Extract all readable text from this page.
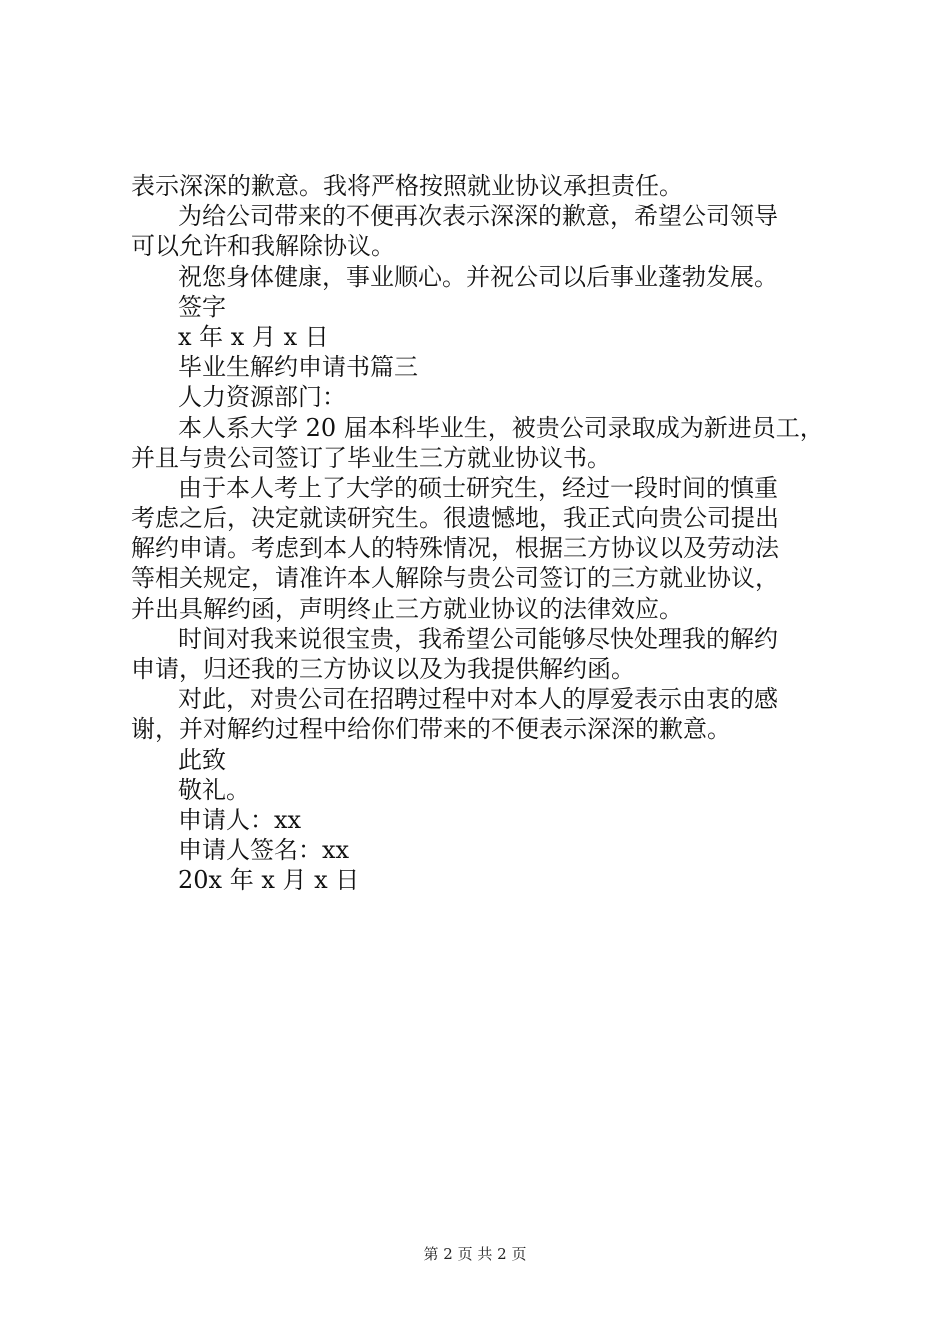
表示深深的歉意。我将严格按照就业协议承担责任。
为给公司带来的不便再次表示深深的歉意，希望公司领导
可以允许和我解除协议。
祝您身体健康，事业顺心。并祝公司以后事业蓬勃发展。
签字
x 年 x 月 x 日
毕业生解约申请书篇三
人力资源部门：
本人系大学 20 届本科毕业生，被贵公司录取成为新进员工，
并且与贵公司签订了毕业生三方就业协议书。
由于本人考上了大学的硕士研究生，经过一段时间的慎重
考虑之后，决定就读研究生。很遗憾地，我正式向贵公司提出
解约申请。考虑到本人的特殊情况，根据三方协议以及劳动法
等相关规定，请准许本人解除与贵公司签订的三方就业协议，
并出具解约函，声明终止三方就业协议的法律效应。
时间对我来说很宝贵，我希望公司能够尽快处理我的解约
申请，归还我的三方协议以及为我提供解约函。
对此，对贵公司在招聘过程中对本人的厚爱表示由衷的感
谢，并对解约过程中给你们带来的不便表示深深的歉意。
此致
敬礼。
申请人：xx
申请人签名：xx
20x 年 x 月 x 日
第 2 页 共 2 页
